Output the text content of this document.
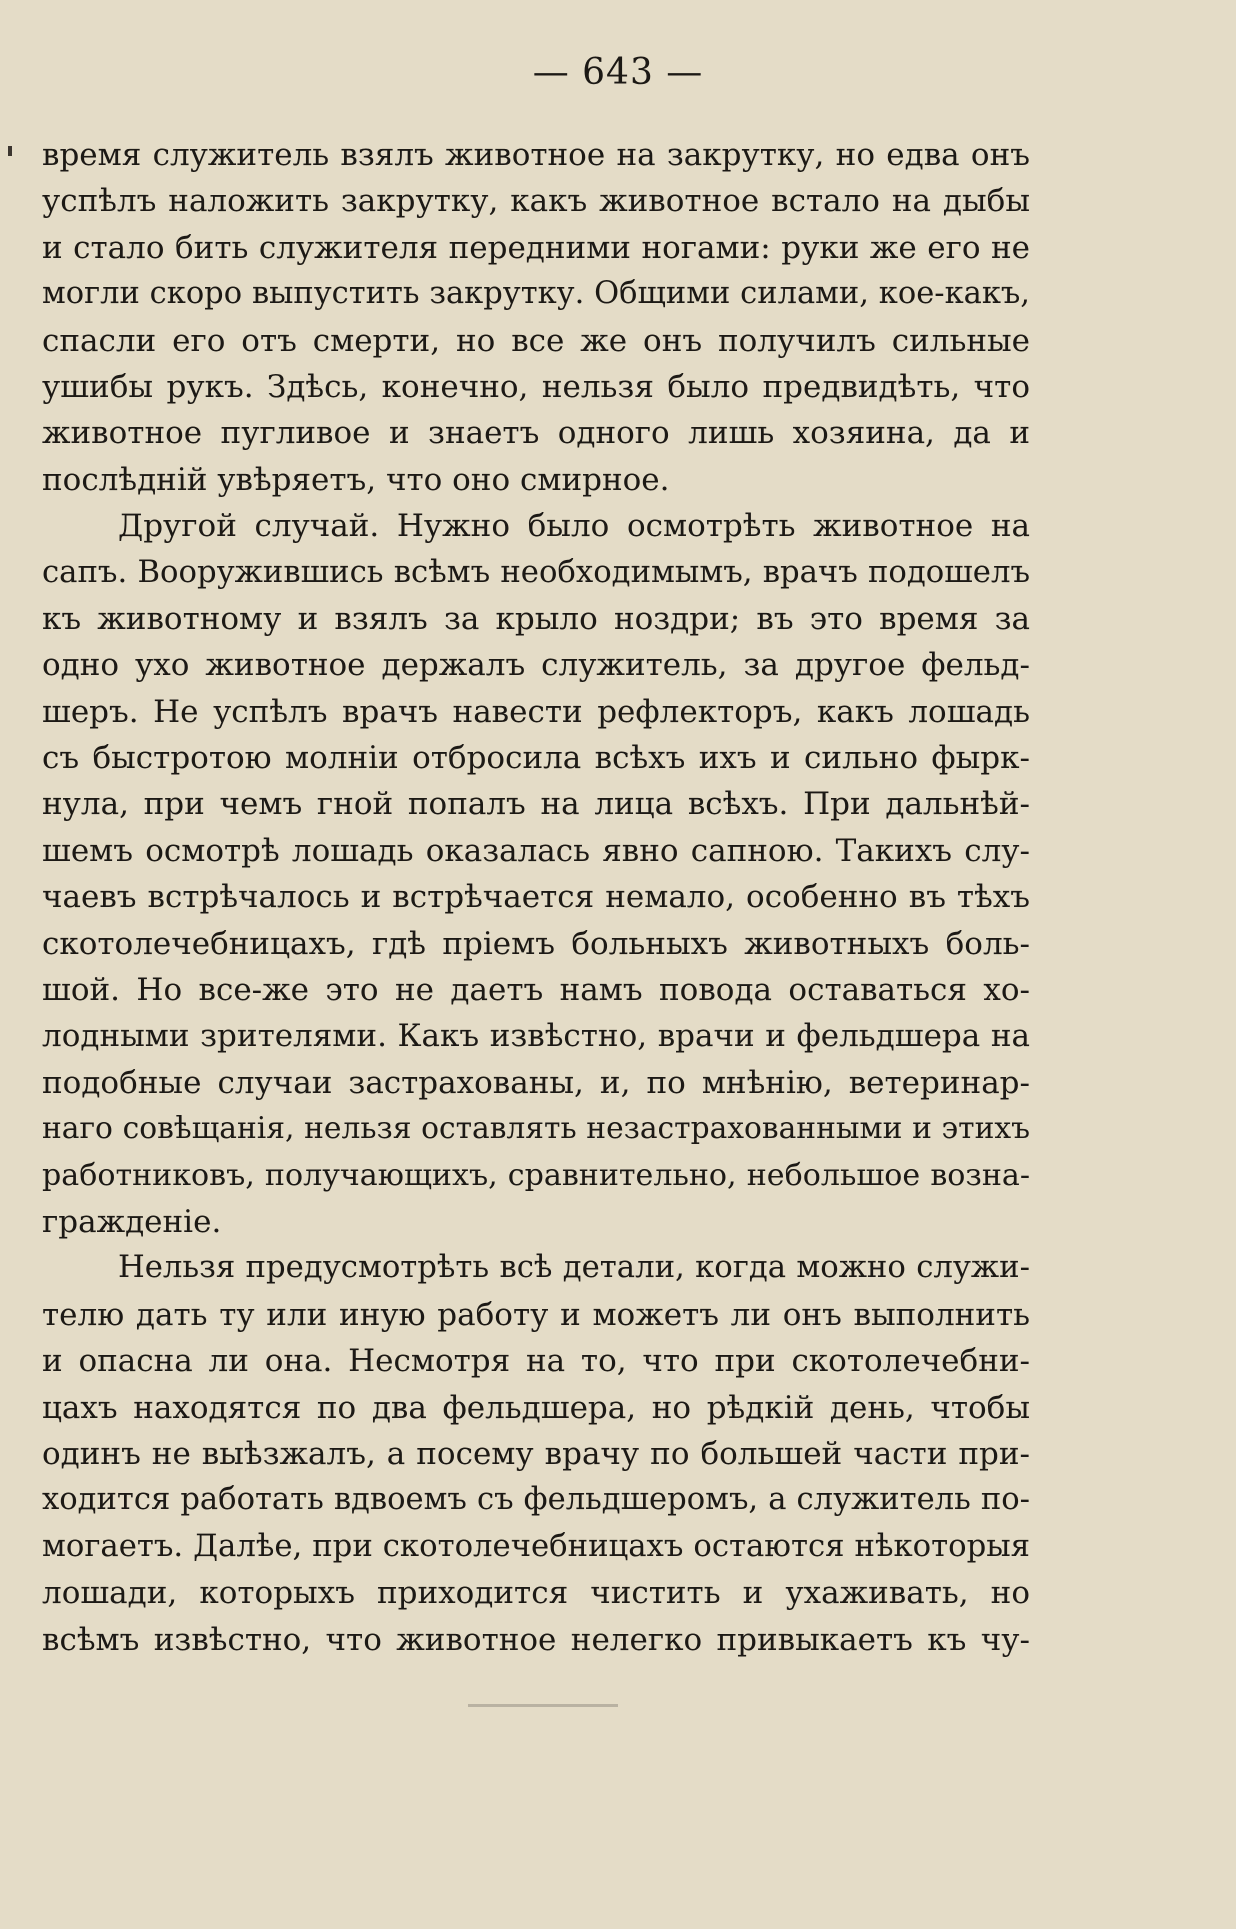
— 643 —
время служитель взялъ животное на закрутку, но едва онъ
успѣлъ наложить закрутку, какъ животное встало на дыбы
и стало бить служителя передними ногами: руки же его не
могли скоро выпустить закрутку. Общими силами, кое-какъ,
спасли его отъ смерти, но все же онъ получилъ сильные
ушибы рукъ. Здѣсь, конечно, нельзя было предвидѣть, что
животное пугливое и знаетъ одного лишь хозяина, да и
послѣднiй увѣряетъ, что оно смирное.
Другой случай. Нужно было осмотрѣть животное на
сапъ. Вооружившись всѣмъ необходимымъ, врачъ подошелъ
къ животному и взялъ за крыло ноздри; въ это время за
одно ухо животное держалъ служитель, за другое фельд-
шеръ. Не успѣлъ врачъ навести рефлекторъ, какъ лошадь
съ быстротою молнiи отбросила всѣхъ ихъ и сильно фырк-
нула, при чемъ гной попалъ на лица всѣхъ. При дальнѣй-
шемъ осмотрѣ лошадь оказалась явно сапною. Такихъ слу-
чаевъ встрѣчалось и встрѣчается немало, особенно въ тѣхъ
скотолечебницахъ, гдѣ прiемъ больныхъ животныхъ боль-
шой. Но все-же это не даетъ намъ повода оставаться хо-
лодными зрителями. Какъ извѣстно, врачи и фельдшера на
подобные случаи застрахованы, и, по мнѣнiю, ветеринар-
наго совѣщанiя, нельзя оставлять незастрахованными и этихъ
работниковъ, получающихъ, сравнительно, небольшое возна-
гражденiе.
Нельзя предусмотрѣть всѣ детали, когда можно служи-
телю дать ту или иную работу и можетъ ли онъ выполнить
и опасна ли она. Несмотря на то, что при скотолечебни-
цахъ находятся по два фельдшера, но рѣдкiй день, чтобы
одинъ не выѣзжалъ, а посему врачу по большей части при-
ходится работать вдвоемъ съ фельдшеромъ, а служитель по-
могаетъ. Далѣе, при скотолечебницахъ остаются нѣкоторыя
лошади, которыхъ приходится чистить и ухаживать, но
всѣмъ извѣстно, что животное нелегко привыкаетъ къ чу-
